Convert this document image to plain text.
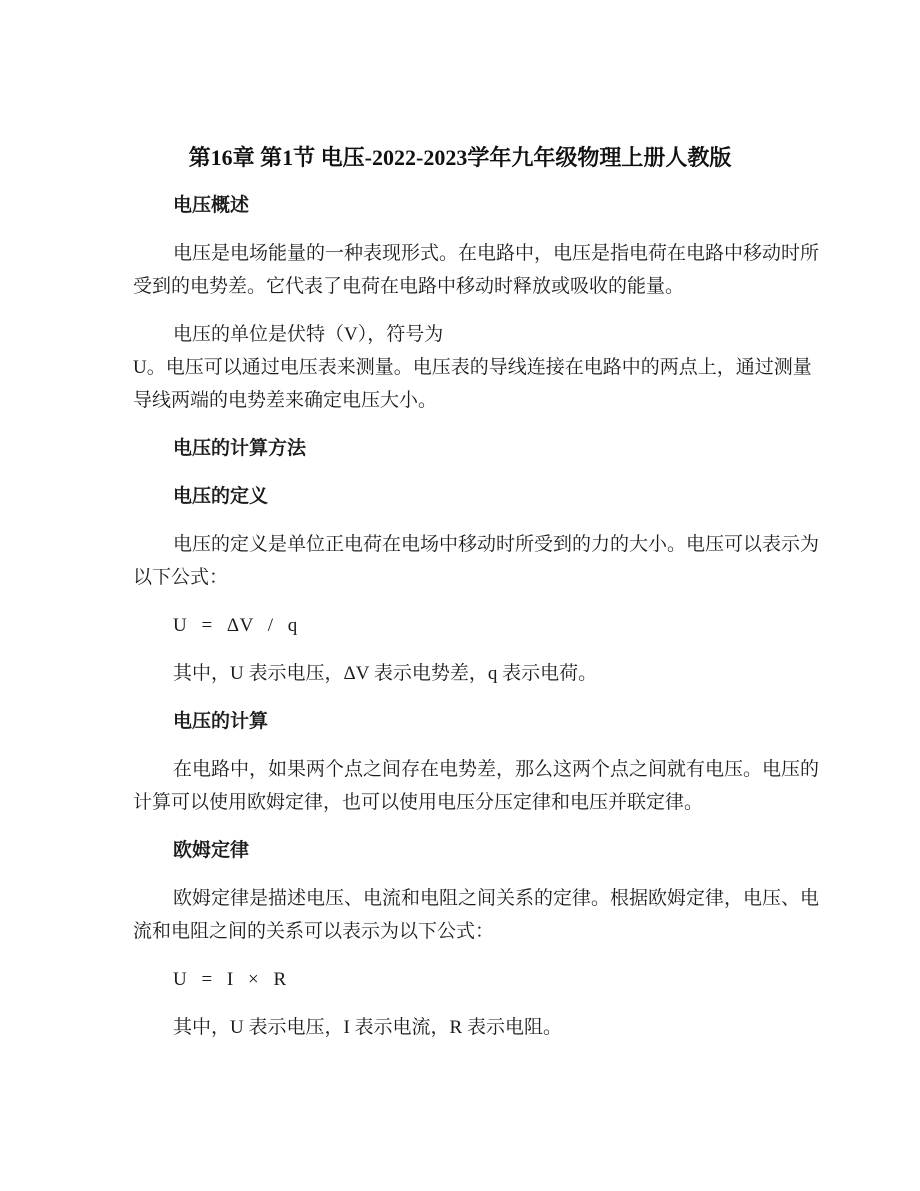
第16章 第1节 电压-2022-2023学年九年级物理上册人教版
电压概述
电压是电场能量的一种表现形式。在电路中，电压是指电荷在电路中移动时所
受到的电势差。它代表了电荷在电路中移动时释放或吸收的能量。
电压的单位是伏特（V），符号为
U。电压可以通过电压表来测量。电压表的导线连接在电路中的两点上，通过测量
导线两端的电势差来确定电压大小。
电压的计算方法
电压的定义
电压的定义是单位正电荷在电场中移动时所受到的力的大小。电压可以表示为
以下公式：
U = ΔV / q
其中，U 表示电压，ΔV 表示电势差，q 表示电荷。
电压的计算
在电路中，如果两个点之间存在电势差，那么这两个点之间就有电压。电压的
计算可以使用欧姆定律，也可以使用电压分压定律和电压并联定律。
欧姆定律
欧姆定律是描述电压、电流和电阻之间关系的定律。根据欧姆定律，电压、电
流和电阻之间的关系可以表示为以下公式：
U = I × R
其中，U 表示电压，I 表示电流，R 表示电阻。
